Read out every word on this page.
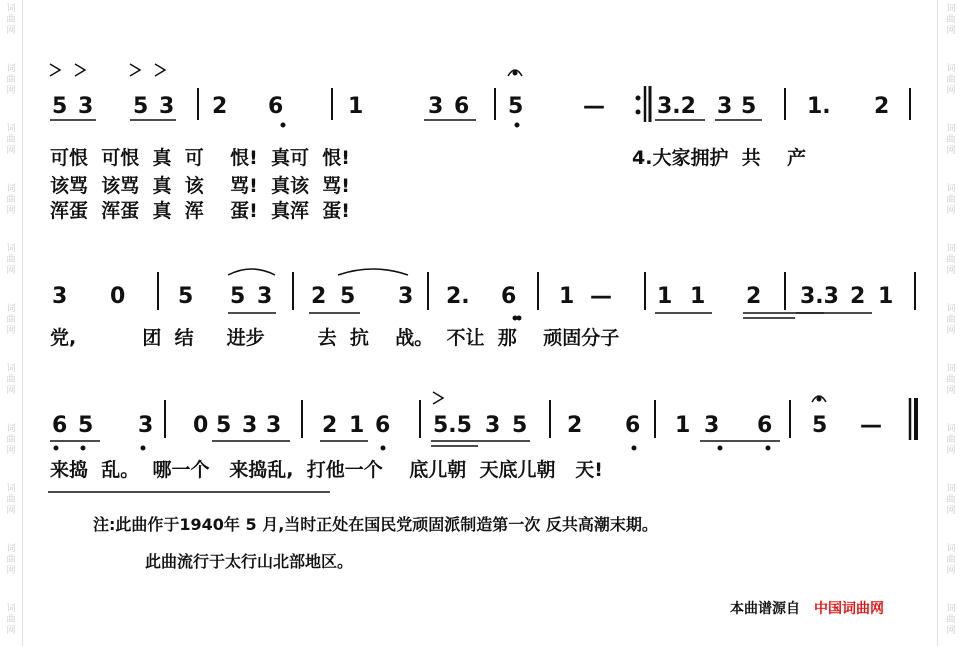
词
曲
网
词
曲
网
词
曲
网
词
曲
网
词
曲
网
词
曲
网
词
曲
网
词
曲
网
词
曲
网
词
曲
网
词
曲
网
词
曲
网
词
曲
网
词
曲
网
词
曲
网
词
曲
网
词
曲
网
词
曲
网
词
曲
网
词
曲
网
词
曲
网
词
曲
网
5 3 5 3 2 6	1	3 6 5	— 3.2 3 5 1. 2
3 0 5 5 3 2 5 3 2. 6 1 — 1 1 2 3.3 2 1
6 5 3 0 5 3 3 2 1 6 5.5 3 5 2 6 1 3 6 5 —
可恨  可恨  真  可    恨!  真可  恨!
该骂  该骂  真  该    骂!  真该  骂!
浑蛋  浑蛋  真  浑    蛋!  真浑  蛋!
4.大家拥护  共    产
党,          团  结     进步        去  抗    战。  不让  那    顽固分子
来捣  乱。  哪一个   来捣乱,  打他一个    底儿朝  天底儿朝   天!
注:此曲作于1940年 5 月,当时正处在国民党顽固派制造第一次 反共高潮末期。
此曲流行于太行山北部地区。
本曲谱源自 中国词曲网
